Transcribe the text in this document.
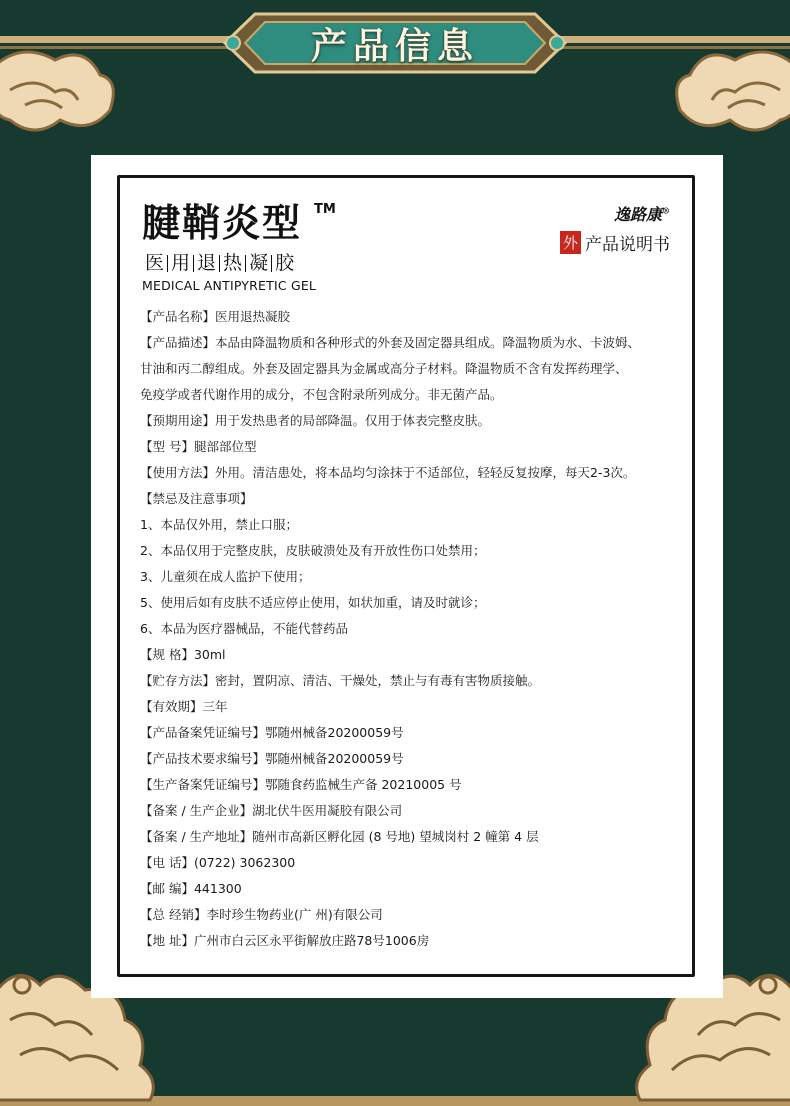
产品信息
腱鞘炎型 TM
医 用 退 热 凝 胶
MEDICAL ANTIPYRETIC GEL
逸路康®
外 产品说明书
【产品名称】医用退热凝胶
【产品描述】本品由降温物质和各种形式的外套及固定器具组成。降温物质为水、卡波姆、
甘油和丙二醇组成。外套及固定器具为金属或高分子材料。降温物质不含有发挥药理学、
免疫学或者代谢作用的成分，不包含附录所列成分。非无菌产品。
【预期用途】用于发热患者的局部降温。仅用于体表完整皮肤。
【型 号】腿部部位型
【使用方法】外用。清洁患处，将本品均匀涂抹于不适部位，轻轻反复按摩，每天2-3次。
【禁忌及注意事项】
1、本品仅外用，禁止口服；
2、本品仅用于完整皮肤，皮肤破溃处及有开放性伤口处禁用；
3、儿童须在成人监护下使用；
5、使用后如有皮肤不适应停止使用，如状加重，请及时就诊；
6、本品为医疗器械品，不能代替药品
【规 格】30ml
【贮存方法】密封，置阴凉、清洁、干燥处，禁止与有毒有害物质接触。
【有效期】三年
【产品备案凭证编号】鄂随州械备20200059号
【产品技术要求编号】鄂随州械备20200059号
【生产备案凭证编号】鄂随食药监械生产备 20210005 号
【备案 / 生产企业】湖北伏牛医用凝胶有限公司
【备案 / 生产地址】随州市高新区孵化园 (8 号地) 望城岗村 2 幢第 4 层
【电 话】(0722) 3062300
【邮 编】441300
【总 经销】李时珍生物药业(广 州)有限公司
【地 址】广州市白云区永平街解放庄路78号1006房
